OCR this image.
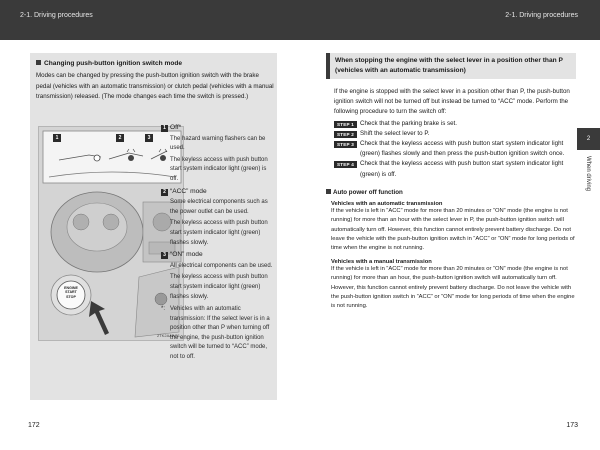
2-1. Driving procedures	2-1. Driving procedures
Changing push-button ignition switch mode
Modes can be changed by pressing the push-button ignition switch with the brake pedal (vehicles with an automatic transmission) or clutch pedal (vehicles with a manual transmission) released. (The mode changes each time the switch is pressed.)
1	2	3
ENGINE
START
STOP
2TK2AAW01
1 Off*
The hazard warning flashers can be used.
The keyless access with push button start system indicator light (green) is off.
2 “ACC” mode
Some electrical components such as the power outlet can be used.
The keyless access with push button start system indicator light (green) flashes slowly.
3 “ON” mode
All electrical components can be used.
The keyless access with push button start system indicator light (green) flashes slowly.
*: Vehicles with an automatic transmission: If the select lever is in a position other than P when turning off the engine, the push-button ignition switch will be turned to “ACC” mode, not to off.
172
When stopping the engine with the select lever in a position other than P (vehicles with an automatic transmission)
If the engine is stopped with the select lever in a position other than P, the push-button ignition switch will not be turned off but instead be turned to “ACC” mode. Perform the following procedure to turn the switch off:
STEP 1 Check that the parking brake is set.
STEP 2 Shift the select lever to P.
STEP 3 Check that the keyless access with push button start system indicator light (green) flashes slowly and then press the push-button ignition switch once.
STEP 4 Check that the keyless access with push button start system indicator light (green) is off.
Auto power off function
Vehicles with an automatic transmission
If the vehicle is left in “ACC” mode for more than 20 minutes or “ON” mode (the engine is not running) for more than an hour with the select lever in P, the push-button ignition switch will automatically turn off. However, this function cannot entirely prevent battery discharge. Do not leave the vehicle with the push-button ignition switch in “ACC” or “ON” mode for long periods of time when the engine is not running.
Vehicles with a manual transmission
If the vehicle is left in “ACC” mode for more than 20 minutes or “ON” mode (the engine is not running) for more than an hour, the push-button ignition switch will automatically turn off. However, this function cannot entirely prevent battery discharge. Do not leave the vehicle with the push-button ignition switch in “ACC” or “ON” mode for long periods of time when the engine is not running.
2
When driving
173
